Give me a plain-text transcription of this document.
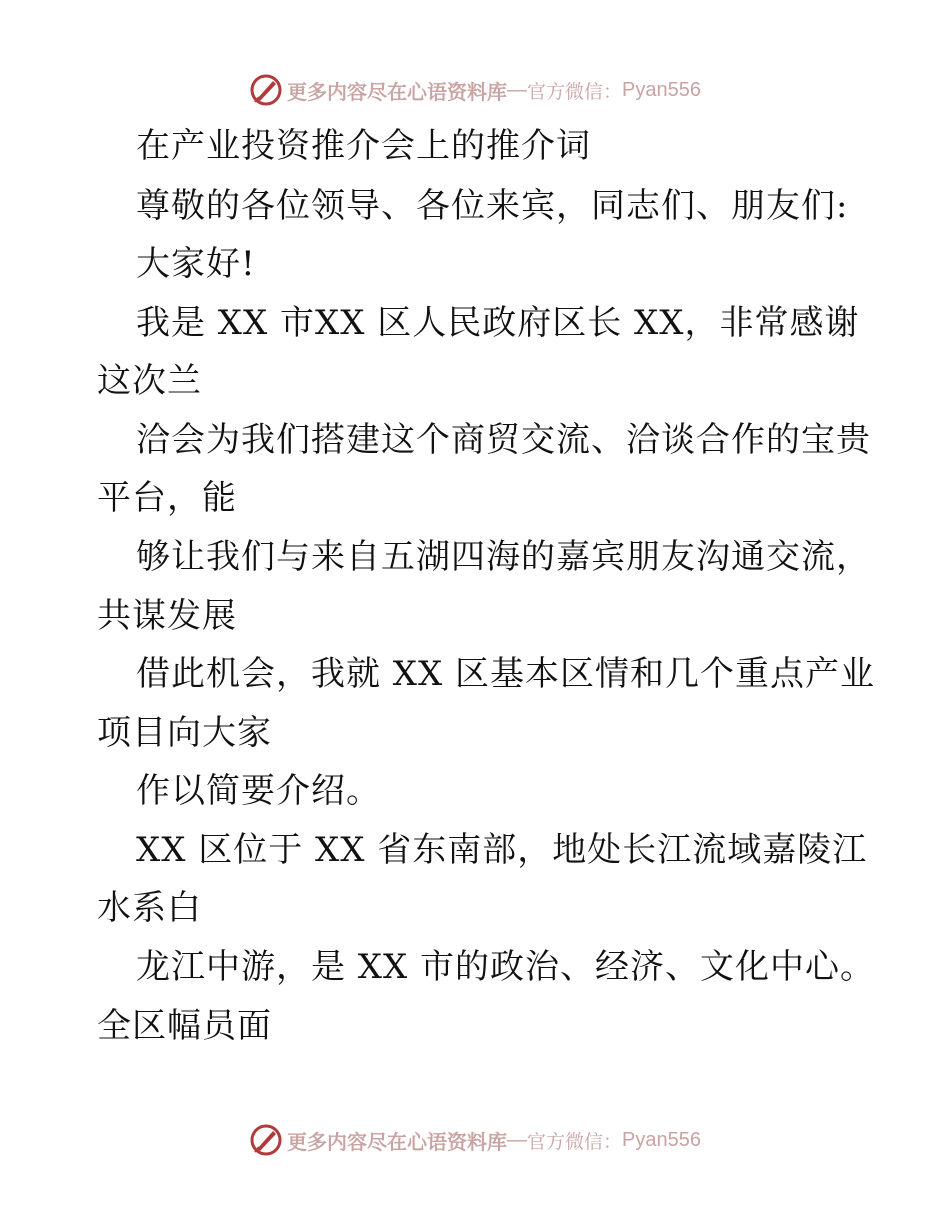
更多内容尽在心语资料库 — 官方微信： Pyan556
在产业投资推介会上的推介词
尊敬的各位领导、各位来宾，同志们、朋友们:
大家好!
我是 XX 市XX 区人民政府区长 XX，非常感谢
这次兰
洽会为我们搭建这个商贸交流、洽谈合作的宝贵
平台，能
够让我们与来自五湖四海的嘉宾朋友沟通交流，
共谋发展
借此机会，我就 XX 区基本区情和几个重点产业
项目向大家
作以简要介绍。
XX 区位于 XX 省东南部，地处长江流域嘉陵江
水系白
龙江中游，是 XX 市的政治、经济、文化中心。
全区幅员面
更多内容尽在心语资料库 — 官方微信： Pyan556
